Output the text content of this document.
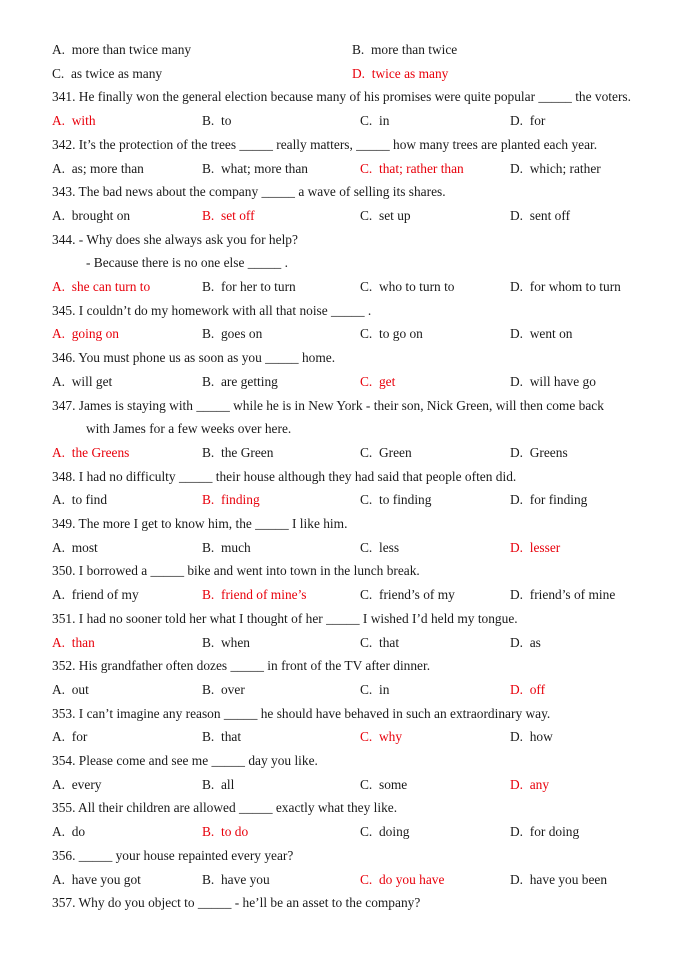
A. more than twice many	B. more than twice
C. as twice as many	D. twice as many
341. He finally won the general election because many of his promises were quite popular _____ the voters.
A. with	B. to	C. in	D. for
342. It’s the protection of the trees _____ really matters, _____ how many trees are planted each year.
A. as; more than	B. what; more than	C. that; rather than	D. which; rather
343. The bad news about the company _____ a wave of selling its shares.
A. brought on	B. set off	C. set up	D. sent off
344. - Why does she always ask you for help?
- Because there is no one else _____ .
A. she can turn to	B. for her to turn	C. who to turn to	D. for whom to turn
345. I couldn’t do my homework with all that noise _____ .
A. going on	B. goes on	C. to go on	D. went on
346. You must phone us as soon as you _____ home.
A. will get	B. are getting	C. get	D. will have go
347. James is staying with _____ while he is in New York - their son, Nick Green, will then come back
with James for a few weeks over here.
A. the Greens	B. the Green	C. Green	D. Greens
348. I had no difficulty _____ their house although they had said that people often did.
A. to find	B. finding	C. to finding	D. for finding
349. The more I get to know him, the _____ I like him.
A. most	B. much	C. less	D. lesser
350. I borrowed a _____ bike and went into town in the lunch break.
A. friend of my	B. friend of mine’s	C. friend’s of my	D. friend’s of mine
351. I had no sooner told her what I thought of her _____ I wished I’d held my tongue.
A. than	B. when	C. that	D. as
352. His grandfather often dozes _____ in front of the TV after dinner.
A. out	B. over	C. in	D. off
353. I can’t imagine any reason _____ he should have behaved in such an extraordinary way.
A. for	B. that	C. why	D. how
354. Please come and see me _____ day you like.
A. every	B. all	C. some	D. any
355. All their children are allowed _____ exactly what they like.
A. do	B. to do	C. doing	D. for doing
356. _____ your house repainted every year?
A. have you got	B. have you	C. do you have	D. have you been
357. Why do you object to _____ - he’ll be an asset to the company?
